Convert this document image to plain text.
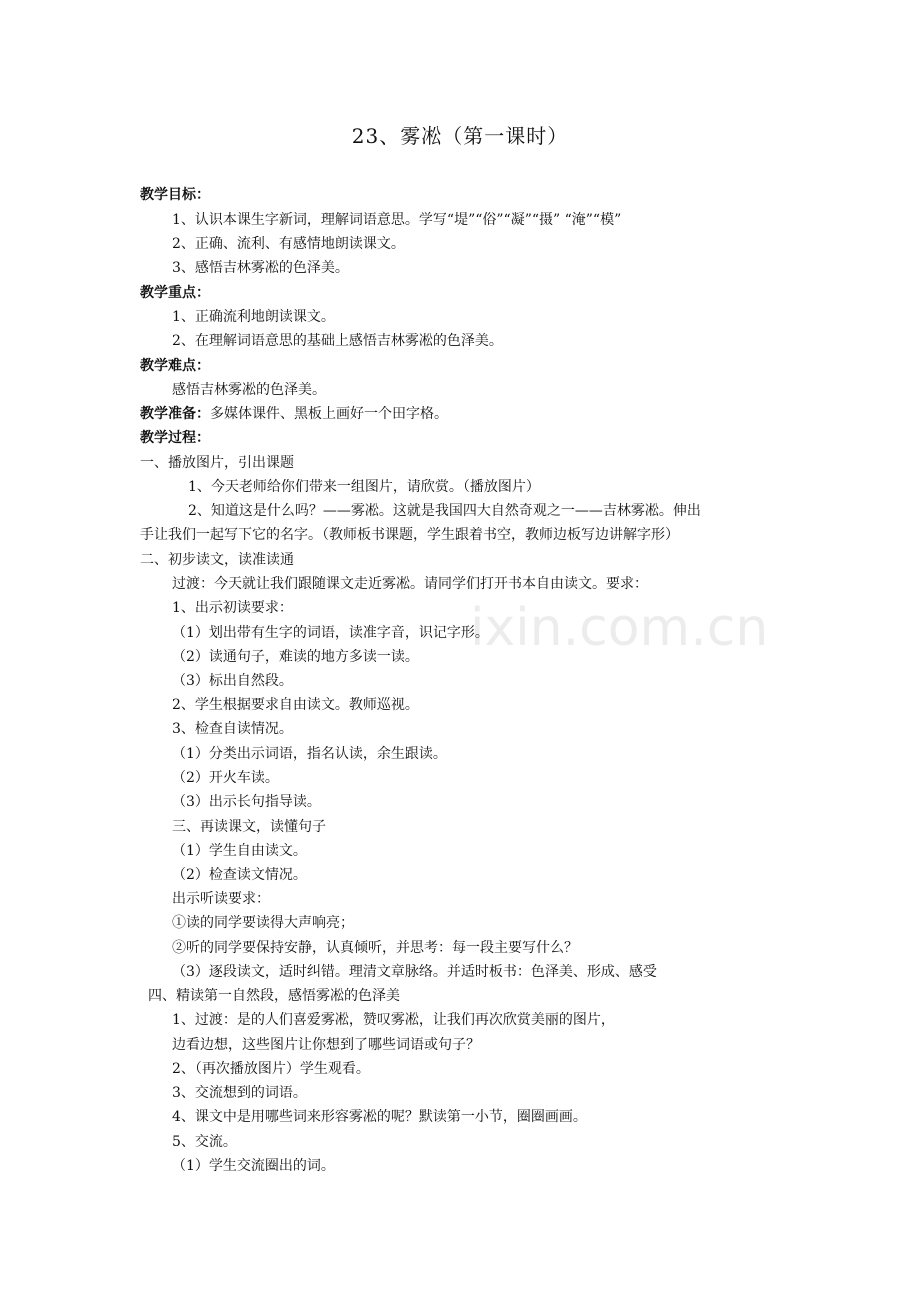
ixin.com.cn
23、雾凇（第一课时）
教学目标：
1、认识本课生字新词，理解词语意思。学写“堤”“俗”“凝”“摄” “淹”“模”
2、正确、流利、有感情地朗读课文。
3、感悟吉林雾凇的色泽美。
教学重点：
1、正确流利地朗读课文。
2、在理解词语意思的基础上感悟吉林雾凇的色泽美。
教学难点：
感悟吉林雾凇的色泽美。
教学准备：多媒体课件、黑板上画好一个田字格。
教学过程：
一、播放图片，引出课题
1、今天老师给你们带来一组图片，请欣赏。（播放图片）
2、知道这是什么吗？——雾凇。这就是我国四大自然奇观之一——吉林雾凇。伸出
手让我们一起写下它的名字。（教师板书课题，学生跟着书空，教师边板写边讲解字形）
二、初步读文，读准读通
过渡：今天就让我们跟随课文走近雾凇。请同学们打开书本自由读文。要求：
1、出示初读要求：
（1）划出带有生字的词语，读准字音，识记字形。
（2）读通句子，难读的地方多读一读。
（3）标出自然段。
2、学生根据要求自由读文。教师巡视。
3、检查自读情况。
（1）分类出示词语，指名认读，余生跟读。
（2）开火车读。
（3）出示长句指导读。
三、再读课文，读懂句子
（1）学生自由读文。
（2）检查读文情况。
出示听读要求：
①读的同学要读得大声响亮；
②听的同学要保持安静，认真倾听，并思考：每一段主要写什么？
（3）逐段读文，适时纠错。理清文章脉络。并适时板书：色泽美、形成、感受
四、精读第一自然段，感悟雾凇的色泽美
1、过渡：是的人们喜爱雾凇，赞叹雾凇，让我们再次欣赏美丽的图片，
边看边想，这些图片让你想到了哪些词语或句子？
2、（再次播放图片）学生观看。
3、交流想到的词语。
4、课文中是用哪些词来形容雾凇的呢？默读第一小节，圈圈画画。
5、交流。
（1）学生交流圈出的词。
